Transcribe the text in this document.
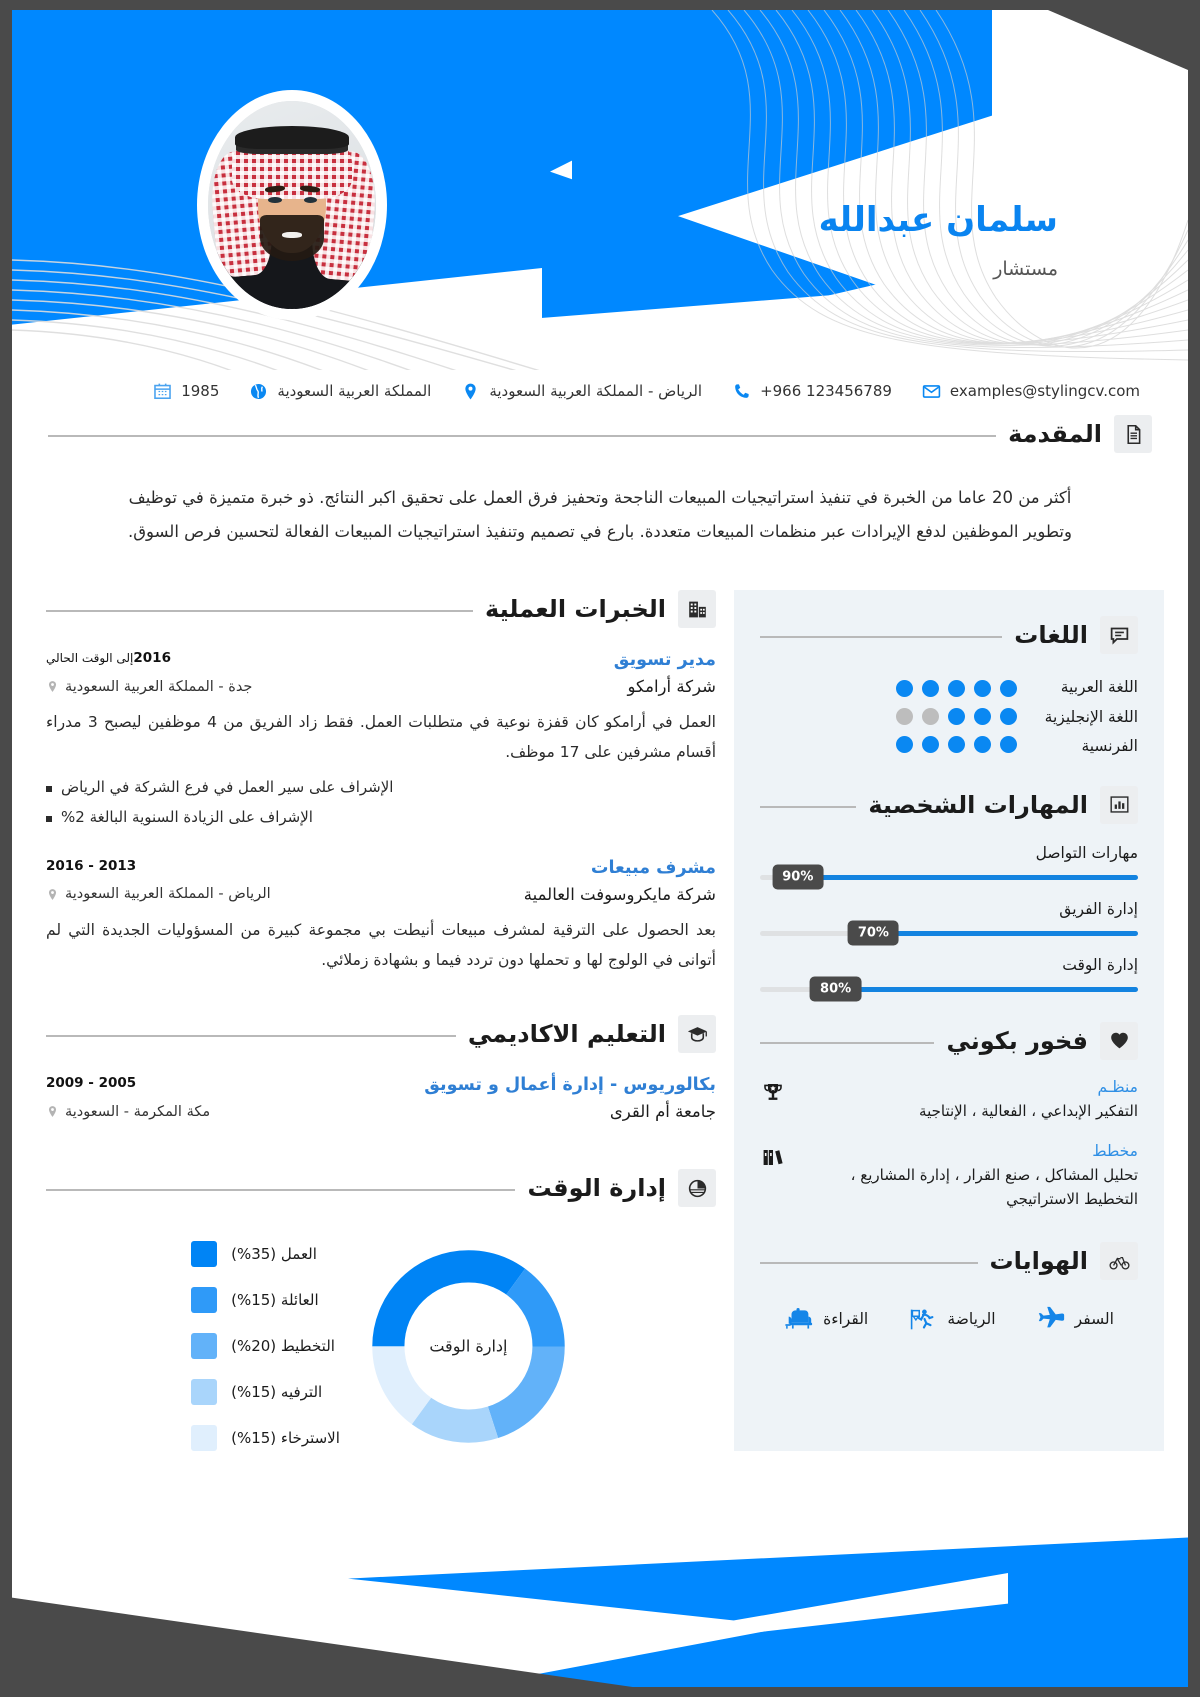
سلمان عبدالله
مستشار
examples@stylingcv.com
+966 123456789
الرياض - المملكة العربية السعودية
المملكة العربية السعودية
1985
المقدمة
أكثر من 20 عاما من الخبرة في تنفيذ استراتيجيات المبيعات الناجحة وتحفيز فرق العمل على تحقيق اكبر النتائج. ذو خبرة متميزة في توظيف وتطوير الموظفين لدفع الإيرادات عبر منظمات المبيعات متعددة. بارع في تصميم وتنفيذ استراتيجيات المبيعات الفعالة لتحسين فرص السوق.
اللغات
اللغة العربية
اللغة الإنجليزية
الفرنسية
المهارات الشخصية
مهارات التواصل
90%
إدارة الفريق
70%
إدارة الوقت
80%
فخور بكوني
منظـم
التفكير الإبداعي ، الفعالية ، الإنتاجية
مخطط
تحليل المشاكل ، صنع القرار ، إدارة المشاريع ، التخطيط الاستراتيجي
الهوايات
السفر
الرياضة
القراءة
الخبرات العملية
مدير تسويق
2016إلى الوقت الحالي
شركة أرامكو
جدة - المملكة العربية السعودية
العمل في أرامكو كان قفزة نوعية في متطلبات العمل. فقط زاد الفريق من 4 موظفين ليصبح 3 مدراء أقسام مشرفين على 17 موظف.
الإشراف على سير العمل في فرع الشركة في الرياض
الإشراف على الزيادة السنوية البالغة 2%
مشرف مبيعات
2013 - 2016
شركة مايكروسوفت العالمية
الرياض - المملكة العربية السعودية
بعد الحصول على الترقية لمشرف مبيعات أنيطت بي مجموعة كبيرة من المسؤوليات الجديدة التي لم أتوانى في الولوج لها و تحملها دون تردد فيما و بشهادة زملائي.
التعليم الاكاديمي
بكالوريوس - إدارة أعمال و تسويق
2005 - 2009
جامعة أم القرى
مكة المكرمة - السعودية
إدارة الوقت
إدارة الوقت
العمل (35%)
العائلة (15%)
التخطيط (20%)
الترفيه (15%)
الاسترخاء (15%)
